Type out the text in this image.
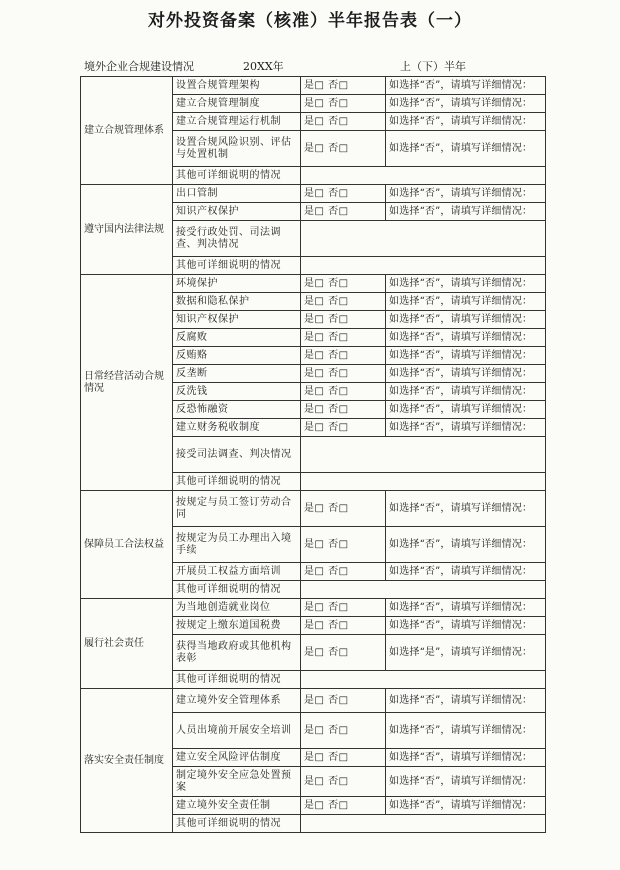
对外投资备案（核准）半年报告表（一）
境外企业合规建设情况	20XX年	上（下）半年
建立合规管理体系	设置合规管理架构	是□ 否□	如选择“否”，请填写详细情况：
	建立合规管理制度	是□ 否□	如选择“否”，请填写详细情况：
	建立合规管理运行机制	是□ 否□	如选择“否”，请填写详细情况：
	设置合规风险识别、评估与处置机制	是□ 否□	如选择“否”，请填写详细情况：
	其他可详细说明的情况		
遵守国内法律法规	出口管制	是□ 否□	如选择“否”，请填写详细情况：
	知识产权保护	是□ 否□	如选择“否”，请填写详细情况：
	接受行政处罚、司法调查、判决情况		
	其他可详细说明的情况		
日常经营活动合规情况	环境保护	是□ 否□	如选择“否”，请填写详细情况：
	数据和隐私保护	是□ 否□	如选择“否”，请填写详细情况：
	知识产权保护	是□ 否□	如选择“否”，请填写详细情况：
	反腐败	是□ 否□	如选择“否”，请填写详细情况：
	反贿赂	是□ 否□	如选择“否”，请填写详细情况：
	反垄断	是□ 否□	如选择“否”，请填写详细情况：
	反洗钱	是□ 否□	如选择“否”，请填写详细情况：
	反恐怖融资	是□ 否□	如选择“否”，请填写详细情况：
	建立财务税收制度	是□ 否□	如选择“否”，请填写详细情况：
	接受司法调查、判决情况		
	其他可详细说明的情况		
保障员工合法权益	按规定与员工签订劳动合同	是□ 否□	如选择“否”，请填写详细情况：
	按规定为员工办理出入境手续	是□ 否□	如选择“否”，请填写详细情况：
	开展员工权益方面培训	是□ 否□	如选择“否”，请填写详细情况：
	其他可详细说明的情况		
履行社会责任	为当地创造就业岗位	是□ 否□	如选择“否”，请填写详细情况：
	按规定上缴东道国税费	是□ 否□	如选择“否”，请填写详细情况：
	获得当地政府或其他机构表彰	是□ 否□	如选择“是”，请填写详细情况：
	其他可详细说明的情况		
落实安全责任制度	建立境外安全管理体系	是□ 否□	如选择“否”，请填写详细情况：
	人员出境前开展安全培训	是□ 否□	如选择“否”，请填写详细情况：
	建立安全风险评估制度	是□ 否□	如选择“否”，请填写详细情况：
	制定境外安全应急处置预案	是□ 否□	如选择“否”，请填写详细情况：
	建立境外安全责任制	是□ 否□	如选择“否”，请填写详细情况：
	其他可详细说明的情况		
